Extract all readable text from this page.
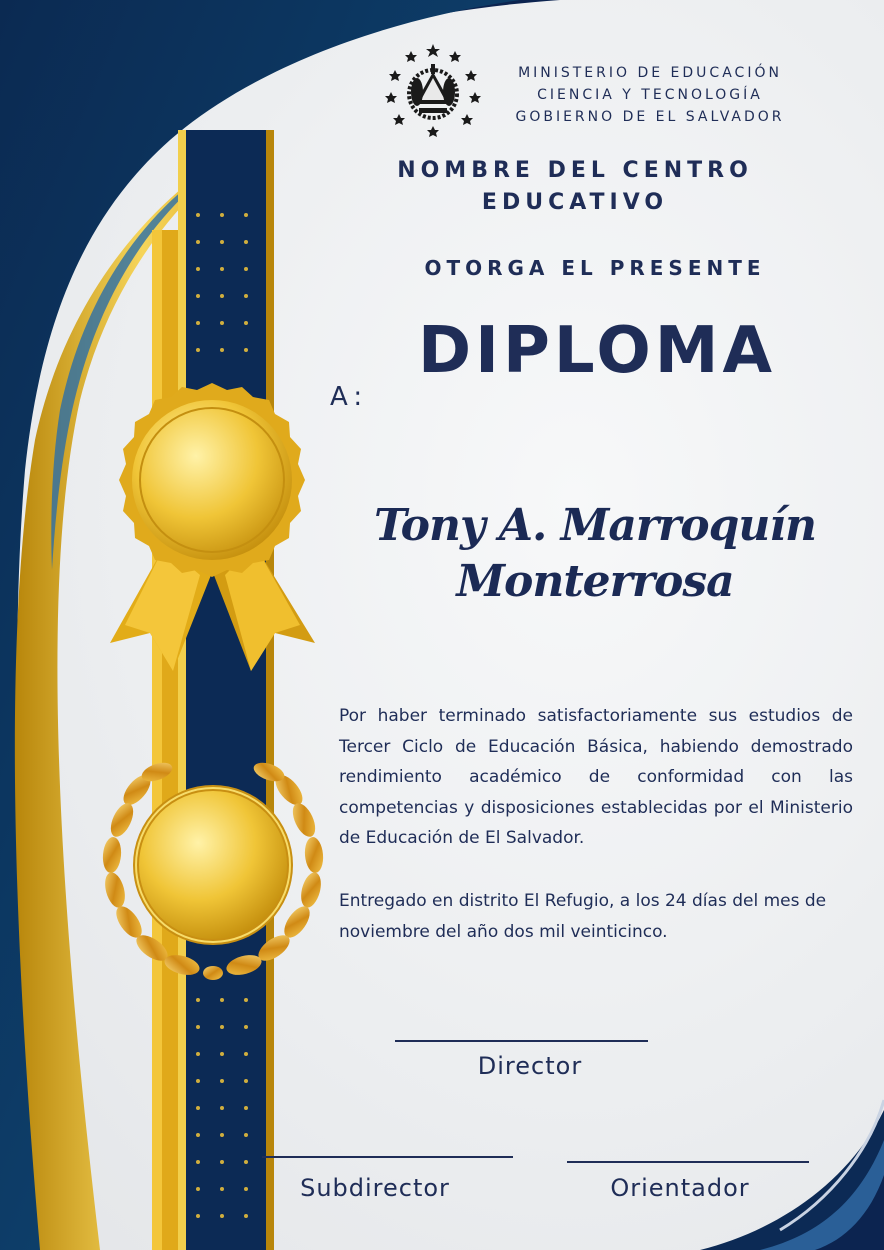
MINISTERIO DE EDUCACIÓN
CIENCIA Y TECNOLOGÍA
GOBIERNO DE EL SALVADOR
NOMBRE DEL CENTRO
EDUCATIVO
OTORGA EL PRESENTE
DIPLOMA
A:
Tony A. Marroquín
Monterrosa
Por haber terminado satisfactoriamente sus estudios de Tercer Ciclo de Educación Básica, habiendo demostrado rendimiento académico de conformidad con las competencias y disposiciones establecidas por el Ministerio de Educación de El Salvador.
Entregado en distrito El Refugio, a los 24 días del mes de noviembre del año dos mil veinticinco.
Director
Subdirector	Orientador
